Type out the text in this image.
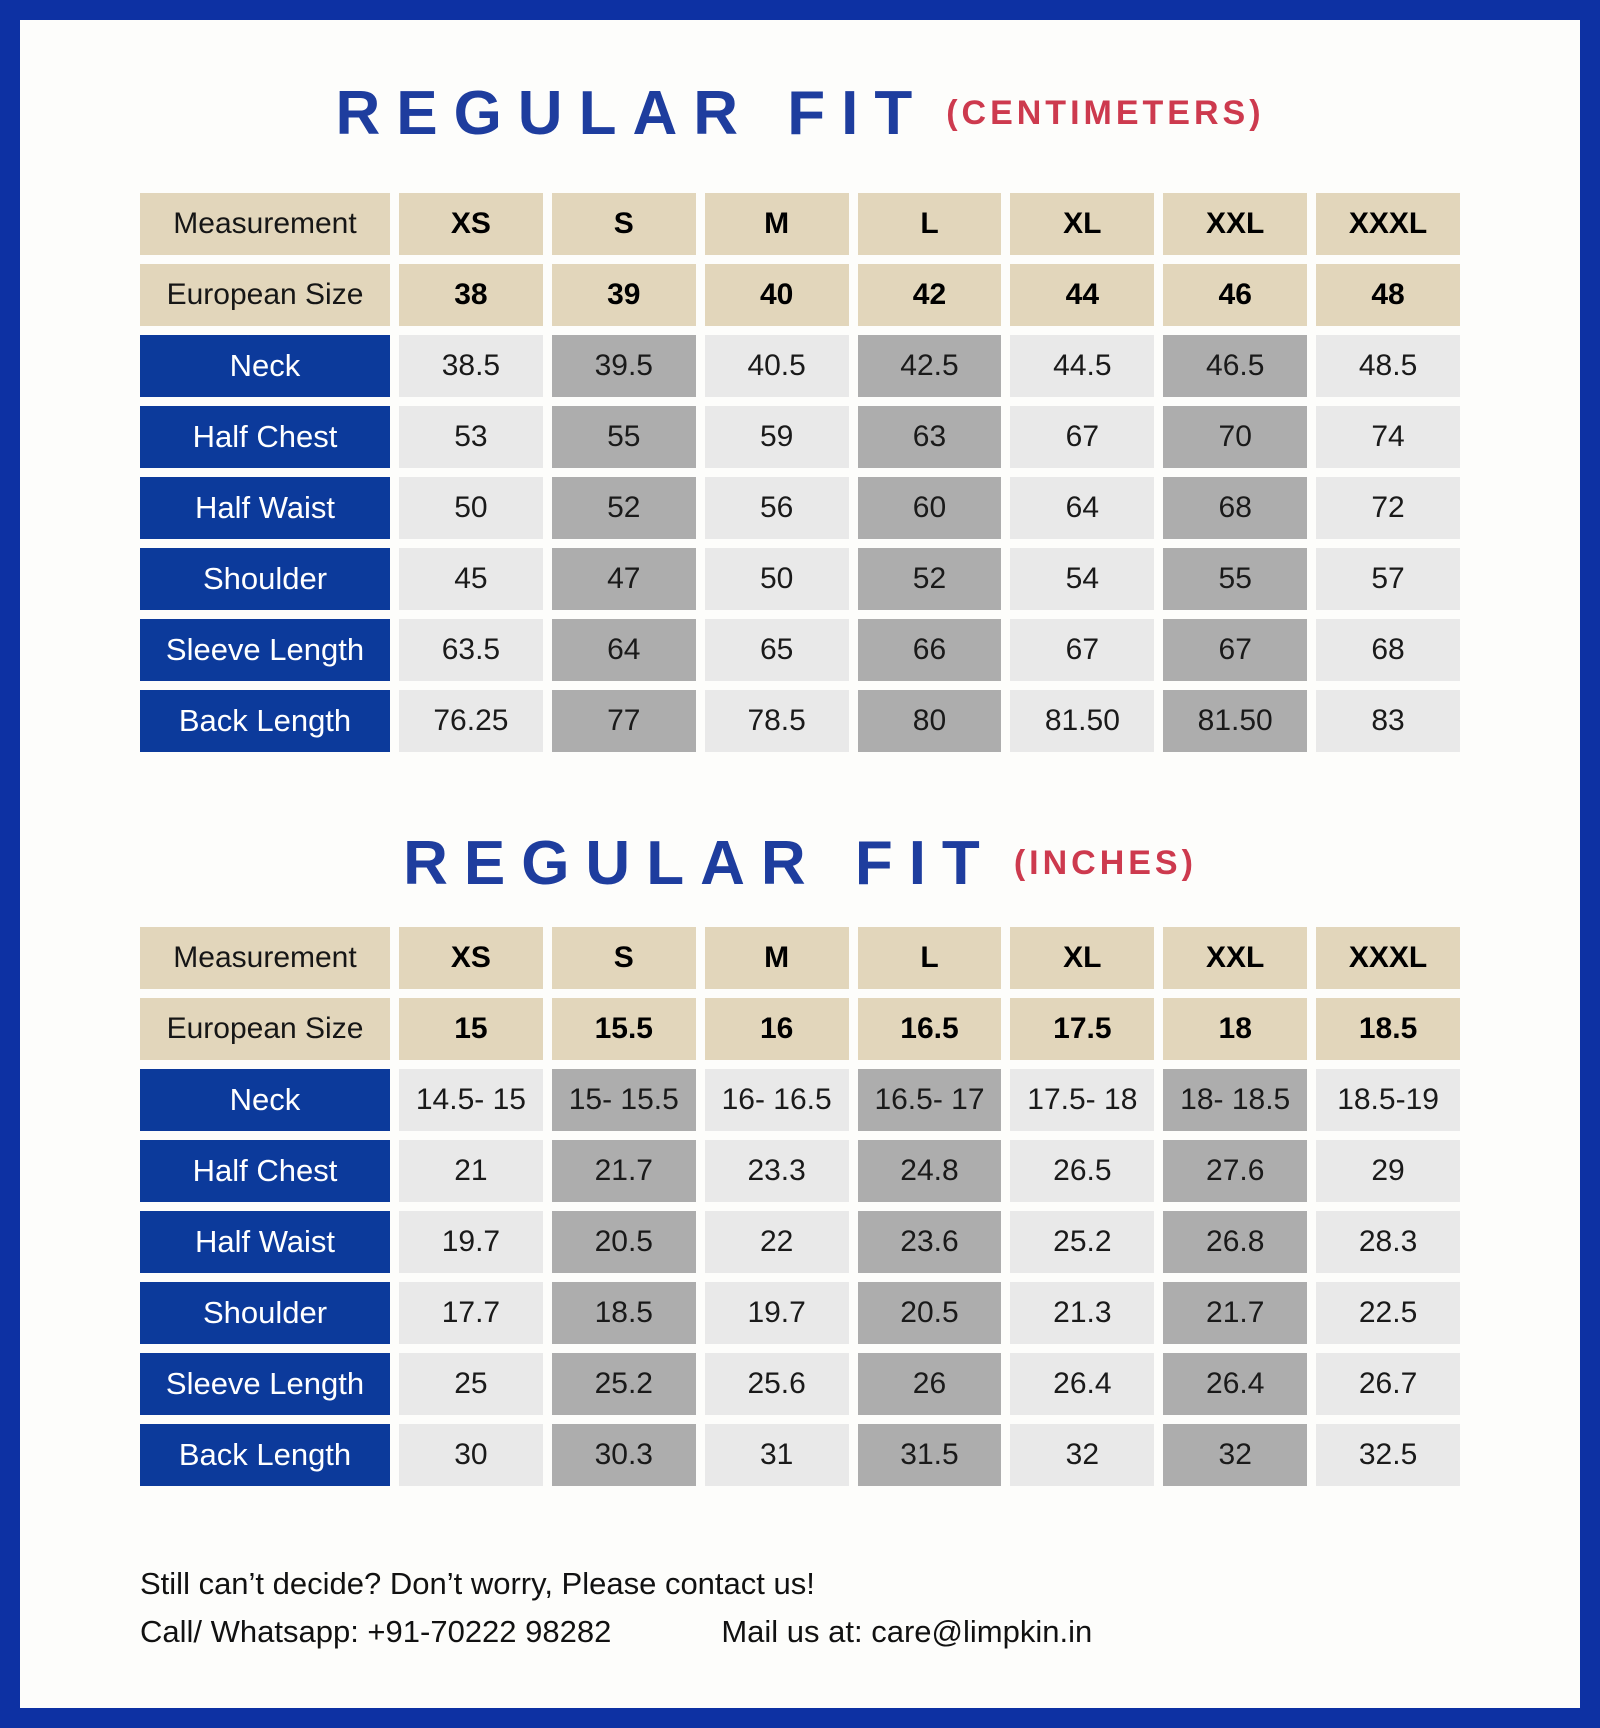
REGULAR FIT (CENTIMETERS)
Measurement	XS	S	M	L	XL	XXL	XXXL
European Size	38	39	40	42	44	46	48
Neck	38.5	39.5	40.5	42.5	44.5	46.5	48.5
Half Chest	53	55	59	63	67	70	74
Half Waist	50	52	56	60	64	68	72
Shoulder	45	47	50	52	54	55	57
Sleeve Length	63.5	64	65	66	67	67	68
Back Length	76.25	77	78.5	80	81.50	81.50	83
REGULAR FIT (INCHES)
Measurement	XS	S	M	L	XL	XXL	XXXL
European Size	15	15.5	16	16.5	17.5	18	18.5
Neck	14.5- 15	15- 15.5	16- 16.5	16.5- 17	17.5- 18	18- 18.5	18.5-19
Half Chest	21	21.7	23.3	24.8	26.5	27.6	29
Half Waist	19.7	20.5	22	23.6	25.2	26.8	28.3
Shoulder	17.7	18.5	19.7	20.5	21.3	21.7	22.5
Sleeve Length	25	25.2	25.6	26	26.4	26.4	26.7
Back Length	30	30.3	31	31.5	32	32	32.5
Still can’t decide? Don’t worry, Please contact us!
Call/ Whatsapp: +91-70222 98282	Mail us at: care@limpkin.in
